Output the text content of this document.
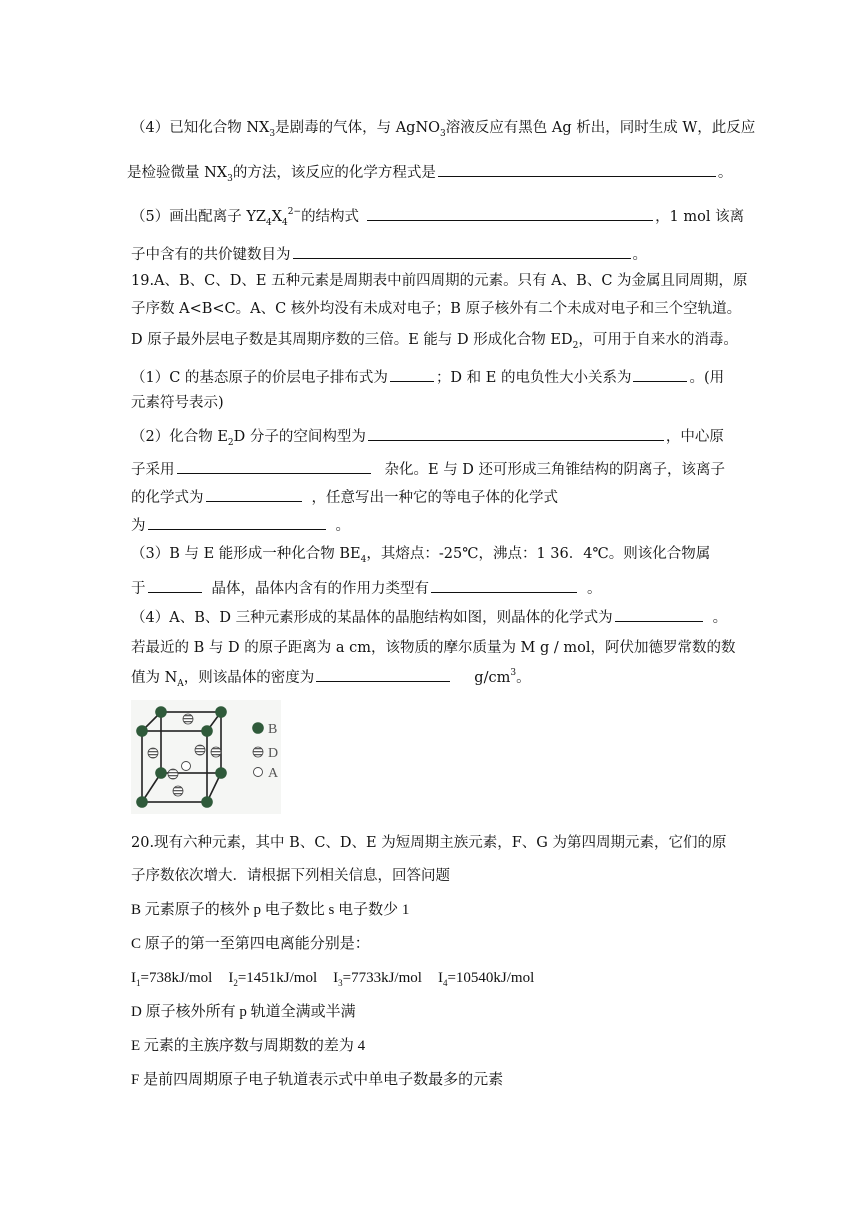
（4）已知化合物 $NX_3$是剧毒的气体，与 AgNO$_3$溶液反应有黑色 Ag 析出，同时生成 W，此反应
是检验微量 $NX_3$的方法，该反应的化学方程式是	。
（5）画出配离子 $YZ_4X_4^{2-}$的结构式	，1 mol 该离
子中含有的共价键数目为	。
19.A、B、C、D、E 五种元素是周期表中前四周期的元素。只有 A、B、C 为金属且同周期，原
子序数 A<B<C。A、C 核外均没有未成对电子；B 原子核外有二个未成对电子和三个空轨道。
D 原子最外层电子数是其周期序数的三倍。E 能与 D 形成化合物 $ED_2$，可用于自来水的消毒。
（1）C 的基态原子的价层电子排布式为	；D 和 E 的电负性大小关系为	。(用
元素符号表示)
（2）化合物 $E_2D$ 分子的空间构型为	，中心原
子采用	杂化。E 与 D 还可形成三角锥结构的阴离子，该离子
的化学式为	，任意写出一种它的等电子体的化学式
为	。
（3）B 与 E 能形成一种化合物 $BE_4$，其熔点：-25℃，沸点：1 36．4℃。则该化合物属
于	晶体，晶体内含有的作用力类型有	。
（4）A、B、D 三种元素形成的某晶体的晶胞结构如图，则晶体的化学式为	。
若最近的 B 与 D 的原子距离为 a cm，该物质的摩尔质量为 M g / mol，阿伏加德罗常数的数
值为 $N_A$，则该晶体的密度为	$g/cm^3$。
B
D
A
20.现有六种元素，其中 B、C、D、E 为短周期主族元素，F、G 为第四周期元素，它们的原
子序数依次增大．请根据下列相关信息，回答问题
B 元素原子的核外 p 电子数比 s 电子数少 1
C 原子的第一至第四电离能分别是：
$I_1=738kJ$/mol $I_2=1451kJ$/mol $I_3=7733kJ$/mol $I_4=10540kJ$/mol
D 原子核外所有 p 轨道全满或半满
E 元素的主族序数与周期数的差为 4
F 是前四周期原子电子轨道表示式中单电子数最多的元素
